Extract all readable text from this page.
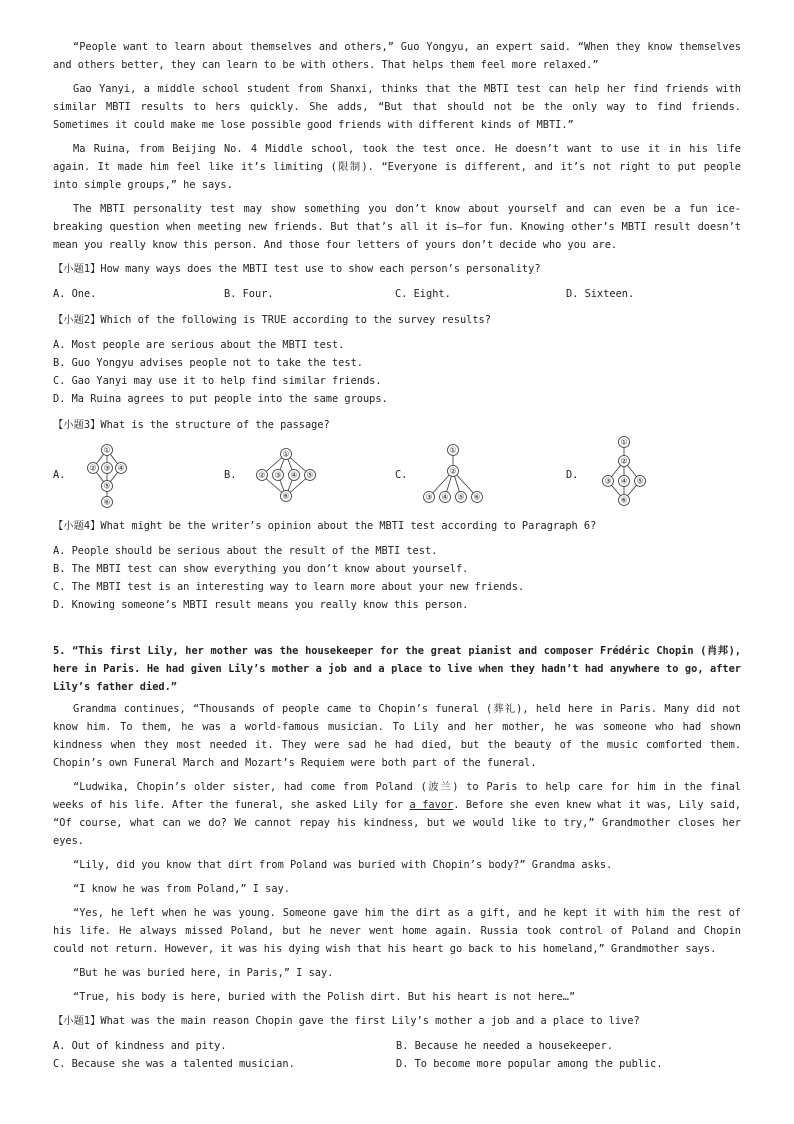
“People want to learn about themselves and others,” Guo Yongyu, an expert said. “When they know themselves and others better, they can learn to be with others. That helps them feel more relaxed.”

Gao Yanyi, a middle school student from Shanxi, thinks that the MBTI test can help her find friends with similar MBTI results to hers quickly. She adds, “But that should not be the only way to find friends. Sometimes it could make me lose possible good friends with different kinds of MBTI.”

Ma Ruina, from Beijing No. 4 Middle school, took the test once. He doesn’t want to use it in his life again. It made him feel like it’s limiting (限制). “Everyone is different, and it’s not right to put people into simple groups,” he says.

The MBTI personality test may show something you don’t know about yourself and can even be a fun ice-breaking question when meeting new friends. But that’s all it is—for fun. Knowing other’s MBTI result doesn’t mean you really know this person. And those four letters of yours don’t decide who you are.

【小题1】How many ways does the MBTI test use to show each person’s personality?

A. One.	B. Four.	C. Eight.	D. Sixteen.

【小题2】Which of the following is TRUE according to the survey results?

A. Most people are serious about the MBTI test.
B. Guo Yongyu advises people not to take the test.
C. Gao Yanyi may use it to help find similar friends.
D. Ma Ruina agrees to put people into the same groups.

【小题3】What is the structure of the passage?

A.
①
② ③ ④
⑤
⑥
B.
①
② ③ ④ ⑤
⑥
C.
①
②
③ ④ ⑤ ⑥
D.
①
②
③ ④ ⑤
⑥

【小题4】What might be the writer’s opinion about the MBTI test according to Paragraph 6?

A. People should be serious about the result of the MBTI test.
B. The MBTI test can show everything you don’t know about yourself.
C. The MBTI test is an interesting way to learn more about your new friends.
D. Knowing someone’s MBTI result means you really know this person.

5. “This first Lily, her mother was the housekeeper for the great pianist and composer Frédéric Chopin (肖邦), here in Paris. He had given Lily’s mother a job and a place to live when they hadn’t had anywhere to go, after Lily’s father died.”

Grandma continues, “Thousands of people came to Chopin’s funeral (葬礼), held here in Paris. Many did not know him. To them, he was a world-famous musician. To Lily and her mother, he was someone who had shown kindness when they most needed it. They were sad he had died, but the beauty of the music comforted them. Chopin’s own Funeral March and Mozart’s Requiem were both part of the funeral.

“Ludwika, Chopin’s older sister, had come from Poland (波兰) to Paris to help care for him in the final weeks of his life. After the funeral, she asked Lily for a favor. Before she even knew what it was, Lily said, “Of course, what can we do? We cannot repay his kindness, but we would like to try,” Grandmother closes her eyes.

“Lily, did you know that dirt from Poland was buried with Chopin’s body?” Grandma asks.

“I know he was from Poland,” I say.

“Yes, he left when he was young. Someone gave him the dirt as a gift, and he kept it with him the rest of his life. He always missed Poland, but he never went home again. Russia took control of Poland and Chopin could not return. However, it was his dying wish that his heart go back to his homeland,” Grandmother says.

“But he was buried here, in Paris,” I say.

“True, his body is here, buried with the Polish dirt. But his heart is not here…”

【小题1】What was the main reason Chopin gave the first Lily’s mother a job and a place to live?

A. Out of kindness and pity.	B. Because he needed a housekeeper.
C. Because she was a talented musician.	D. To become more popular among the public.
